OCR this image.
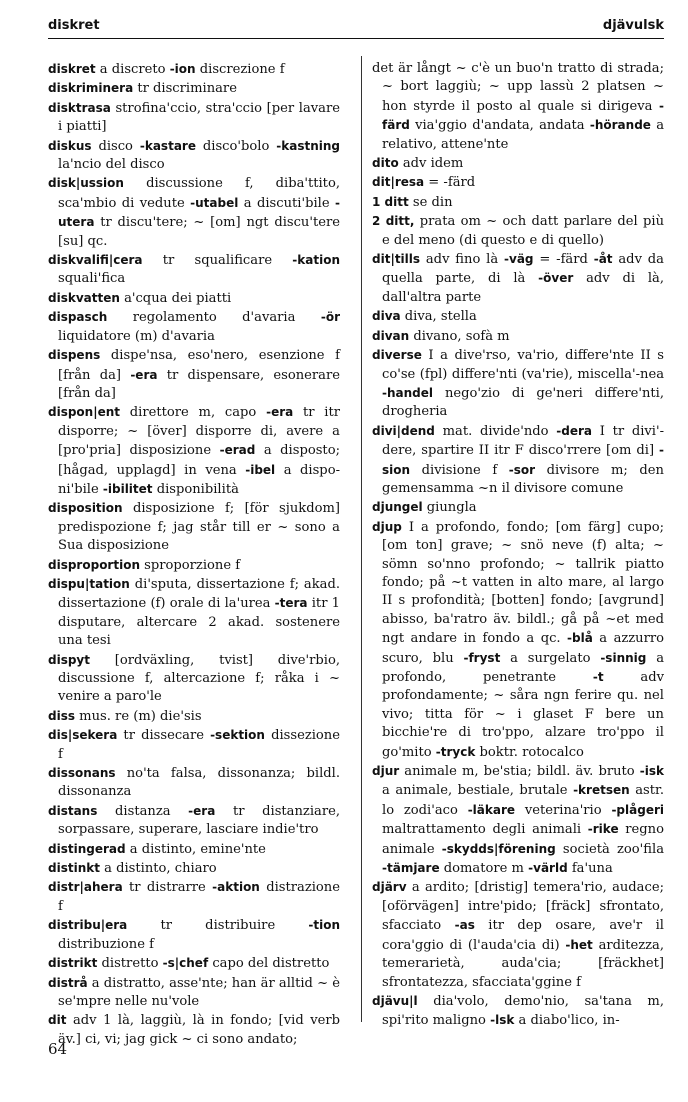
diskret	djävulsk

diskret a discreto -ion discrezione f

diskriminera tr discriminare

disktrasa strofina'ccio, stra'ccio [per lavare i piatti]

diskus disco -kastare disco'bolo -kastning la'ncio del disco

disk|ussion discussione f, diba'ttito, sca'mbio di vedute -utabel a discuti'bile -utera tr discu'tere; ~ [om] ngt discu'tere [su] qc.

diskvalifi|cera tr squalificare -kation squali'fica

diskvatten a'cqua dei piatti

dispasch regolamento d'avaria -ör liquidatore (m) d'avaria

dispens dispe'nsa, eso'nero, esenzione f [från da] -era tr dispensare, esonerare [från da]

dispon|ent direttore m, capo -era tr itr disporre; ~ [över] disporre di, avere a [pro'pria] disposizione -erad a disposto; [hågad, upplagd] in vena -ibel a dispo-ni'bile -ibilitet disponibilità

disposition disposizione f; [för sjukdom] predispozione f; jag står till er ~ sono a Sua disposizione

disproportion sproporzione f

dispu|tation di'sputa, dissertazione f; akad. dissertazione (f) orale di la'urea -tera itr 1 disputare, altercare 2 akad. sostenere una tesi

dispyt [ordväxling, tvist] dive'rbio, discussione f, altercazione f; råka i ~ venire a paro'le

diss mus. re (m) die'sis

dis|sekera tr dissecare -sektion dissezione f

dissonans no'ta falsa, dissonanza; bildl. dissonanza

distans distanza -era tr distanziare, sorpassare, superare, lasciare indie'tro

distingerad a distinto, emine'nte

distinkt a distinto, chiaro

distr|ahera tr distrarre -aktion distrazione f

distribu|era tr distribuire -tion distribuzione f

distrikt distretto -s|chef capo del distretto

distrå a distratto, asse'nte; han är alltid ~ è se'mpre nelle nu'vole

dit adv 1 là, laggiù, là in fondo; [vid verb äv.] ci, vi; jag gick ~ ci sono andato;

det är långt ~ c'è un buo'n tratto di strada; ~ bort laggiù; ~ upp lassù 2 platsen ~ hon styrde il posto al quale si dirigeva -färd via'ggio d'andata, andata -hörande a relativo, attene'nte

dito adv idem

dit|resa = -färd

1 ditt se din

2 ditt, prata om ~ och datt parlare del più e del meno (di questo e di quello)

dit|tills adv fino là -väg = -färd -åt adv da quella parte, di là -över adv di là, dall'altra parte

diva diva, stella

divan divano, sofà m

diverse I a dive'rso, va'rio, differe'nte II s co'se (fpl) differe'nti (va'rie), miscella'-nea -handel nego'zio di ge'neri differe'nti, drogheria

divi|dend mat. divide'ndo -dera I tr divi'-dere, spartire II itr F disco'rrere [om di] -sion divisione f -sor divisore m; den gemensamma ~n il divisore comune

djungel giungla

djup I a profondo, fondo; [om färg] cupo; [om ton] grave; ~ snö neve (f) alta; ~ sömn so'nno profondo; ~ tallrik piatto fondo; på ~t vatten in alto mare, al largo II s profondità; [botten] fondo; [avgrund] abisso, ba'ratro äv. bildl.; gå på ~et med ngt andare in fondo a qc. -blå a azzurro scuro, blu -fryst a surgelato -sinnig a profondo, penetrante -t adv profondamente; ~ såra ngn ferire qu. nel vivo; titta för ~ i glaset F bere un bicchie're di tro'ppo, alzare tro'ppo il go'mito -tryck boktr. rotocalco

djur animale m, be'stia; bildl. äv. bruto -isk a animale, bestiale, brutale -kretsen astr. lo zodi'aco -läkare veterina'rio -plågeri maltrattamento degli animali -rike regno animale -skydds|förening società zoo'fila -tämjare domatore m -värld fa'una

djärv a ardito; [dristig] temera'rio, audace; [oförvägen] intre'pido; [fräck] sfrontato, sfacciato -as itr dep osare, ave'r il cora'ggio di (l'auda'cia di) -het arditezza, temerarietà, auda'cia; [fräckhet] sfrontatezza, sfacciata'ggine f

djävu|l dia'volo, demo'nio, sa'tana m, spi'rito maligno -lsk a diabo'lico, in-

64
